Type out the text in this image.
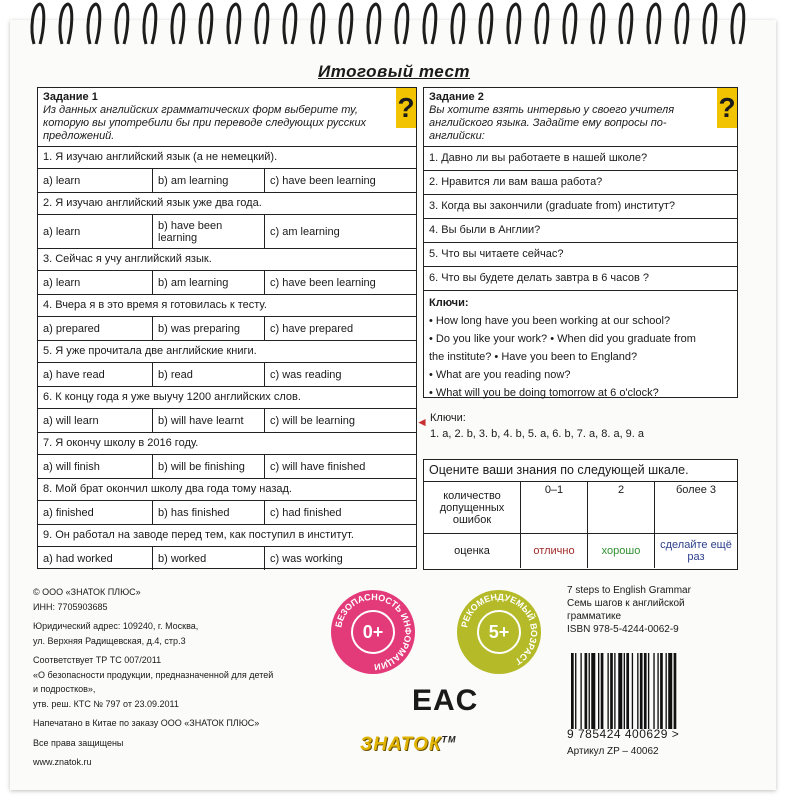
Итоговый тест
?
Задание 1
Из данных английских грамматических форм выберите ту, которую вы употребили бы при переводе следующих русских предложений.
1. Я изучаю английский язык (а не немецкий).
a) learn	b) am learning	c) have been learning
2. Я изучаю английский язык уже два года.
a) learn	b) have been learning	c) am learning
3. Сейчас я учу английский язык.
a) learn	b) am learning	c) have been learning
4. Вчера я в это время я готовилась к тесту.
a) prepared	b) was preparing	c) have prepared
5. Я уже прочитала две английские книги.
a) have read	b) read	c) was reading
6. К концу года я уже выучу 1200 английских слов.
a) will learn	b) will have learnt	c) will be learning
7. Я окончу школу в 2016 году.
a) will finish	b) will be finishing	c) will have finished
8. Мой брат окончил школу два года тому назад.
a) finished	b) has finished	c) had finished
9. Он работал на заводе перед тем, как поступил в институт.
a) had worked	b) worked	c) was working
◄ Ключи:
1. a, 2. b, 3. b, 4. b, 5. a, 6. b, 7. a, 8. a, 9. a
?
Задание 2
Вы хотите взять интервью у своего учителя английского языка. Задайте ему вопросы по-английски:
1. Давно ли вы работаете в нашей школе?
2. Нравится ли вам ваша работа?
3. Когда вы закончили (graduate from) институт?
4. Вы были в Англии?
5. Что вы читаете сейчас?
6. Что вы будете делать завтра в 6 часов ?
Ключи:
• How long have you been working at our school?
• Do you like your work? • When did you graduate from
the institute? • Have you been to England?
• What are you reading now?
• What will you be doing tomorrow at 6 o'clock?
Оцените ваши знания по следующей шкале.
количество допущенных ошибок	0–1	2	более 3
оценка	отлично	хорошо	сделайте ещё раз
© ООО «ЗНАТОК ПЛЮС»
ИНН: 7705903685
Юридический адрес: 109240, г. Москва,
ул. Верхняя Радищевская, д.4, стр.3
Соответствует ТР ТС 007/2011
«О безопасности продукции, предназначенной для детей
и подростков»,
утв. реш. КТС № 797 от 23.09.2011
Напечатано в Китае по заказу ООО «ЗНАТОК ПЛЮС»
Все права защищены
www.znatok.ru
БЕЗОПАСНОСТЬ ИНФОРМАЦИИ
0+	РЕКОМЕНДУЕМЫЙ ВОЗРАСТ
5+
EAC
ЗНАТОК™
7 steps to English Grammar
Семь шагов к английской
грамматике
ISBN 978-5-4244-0062-9
9 785424 400629 >
Артикул ZP – 40062
